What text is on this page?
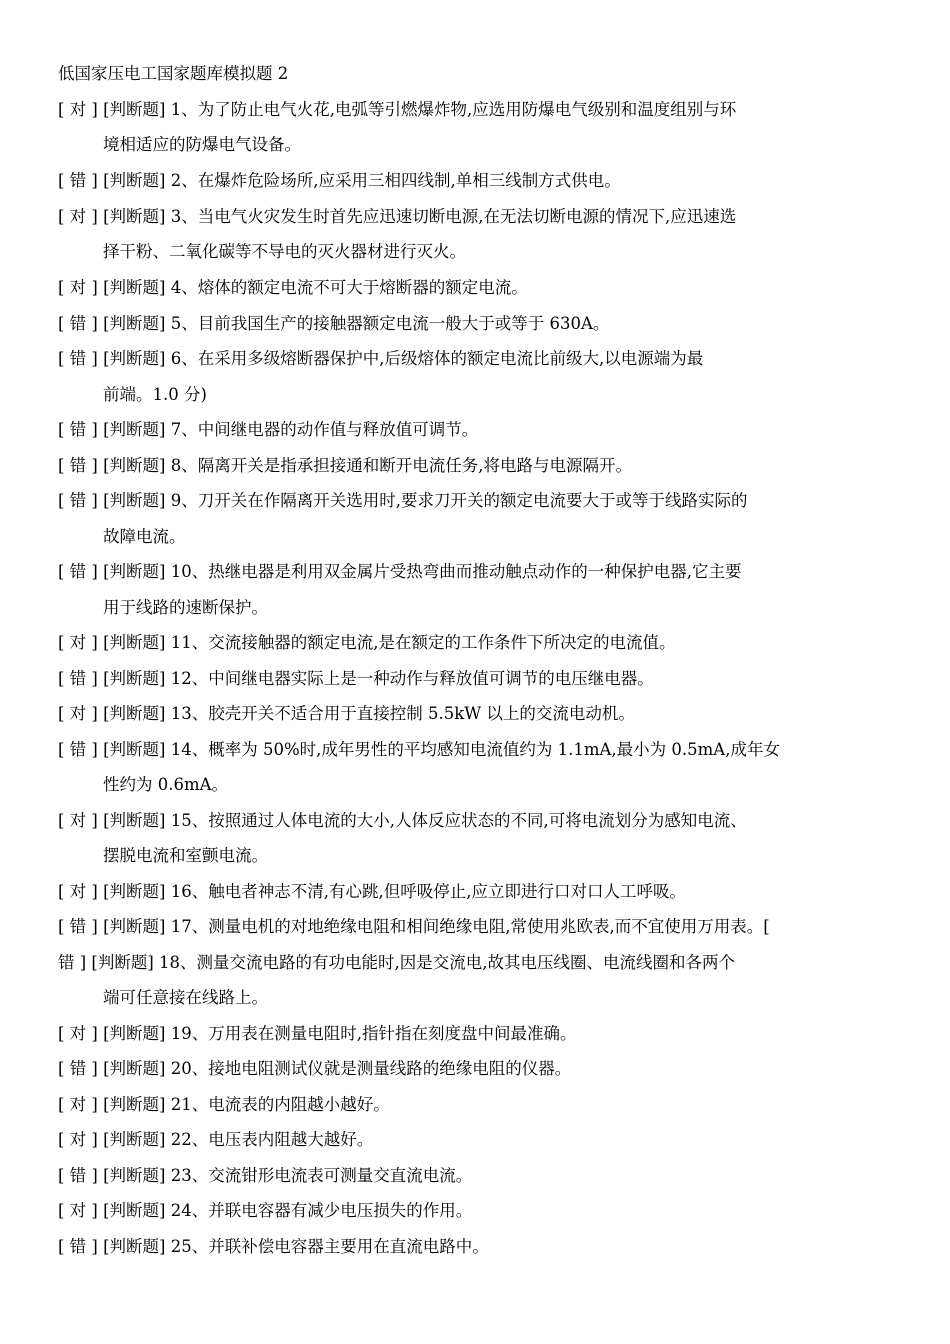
低国家压电工国家题库模拟题 2
[ 对 ] [判断题] 1、为了防止电气火花,电弧等引燃爆炸物,应选用防爆电气级别和温度组别与环
境相适应的防爆电气设备。
[ 错 ] [判断题] 2、在爆炸危险场所,应采用三相四线制,单相三线制方式供电。
[ 对 ] [判断题] 3、当电气火灾发生时首先应迅速切断电源,在无法切断电源的情况下,应迅速选
择干粉、二氧化碳等不导电的灭火器材进行灭火。
[ 对 ] [判断题] 4、熔体的额定电流不可大于熔断器的额定电流。
[ 错 ] [判断题] 5、目前我国生产的接触器额定电流一般大于或等于 630A。
[ 错 ] [判断题] 6、在采用多级熔断器保护中,后级熔体的额定电流比前级大,以电源端为最
前端。1.0 分)
[ 错 ] [判断题] 7、中间继电器的动作值与释放值可调节。
[ 错 ] [判断题] 8、隔离开关是指承担接通和断开电流任务,将电路与电源隔开。
[ 错 ] [判断题] 9、刀开关在作隔离开关选用时,要求刀开关的额定电流要大于或等于线路实际的
故障电流。
[ 错 ] [判断题] 10、热继电器是利用双金属片受热弯曲而推动触点动作的一种保护电器,它主要
用于线路的速断保护。
[ 对 ] [判断题] 11、交流接触器的额定电流,是在额定的工作条件下所决定的电流值。
[ 错 ] [判断题] 12、中间继电器实际上是一种动作与释放值可调节的电压继电器。
[ 对 ] [判断题] 13、胶壳开关不适合用于直接控制 5.5kW 以上的交流电动机。
[ 错 ] [判断题] 14、概率为 50%时,成年男性的平均感知电流值约为 1.1mA,最小为 0.5mA,成年女
性约为 0.6mA。
[ 对 ] [判断题] 15、按照通过人体电流的大小,人体反应状态的不同,可将电流划分为感知电流、
摆脱电流和室颤电流。
[ 对 ] [判断题] 16、触电者神志不清,有心跳,但呼吸停止,应立即进行口对口人工呼吸。
[ 错 ] [判断题] 17、测量电机的对地绝缘电阻和相间绝缘电阻,常使用兆欧表,而不宜使用万用表。[
错 ] [判断题] 18、测量交流电路的有功电能时,因是交流电,故其电压线圈、电流线圈和各两个
端可任意接在线路上。
[ 对 ] [判断题] 19、万用表在测量电阻时,指针指在刻度盘中间最准确。
[ 错 ] [判断题] 20、接地电阻测试仪就是测量线路的绝缘电阻的仪器。
[ 对 ] [判断题] 21、电流表的内阻越小越好。
[ 对 ] [判断题] 22、电压表内阻越大越好。
[ 错 ] [判断题] 23、交流钳形电流表可测量交直流电流。
[ 对 ] [判断题] 24、并联电容器有减少电压损失的作用。
[ 错 ] [判断题] 25、并联补偿电容器主要用在直流电路中。
